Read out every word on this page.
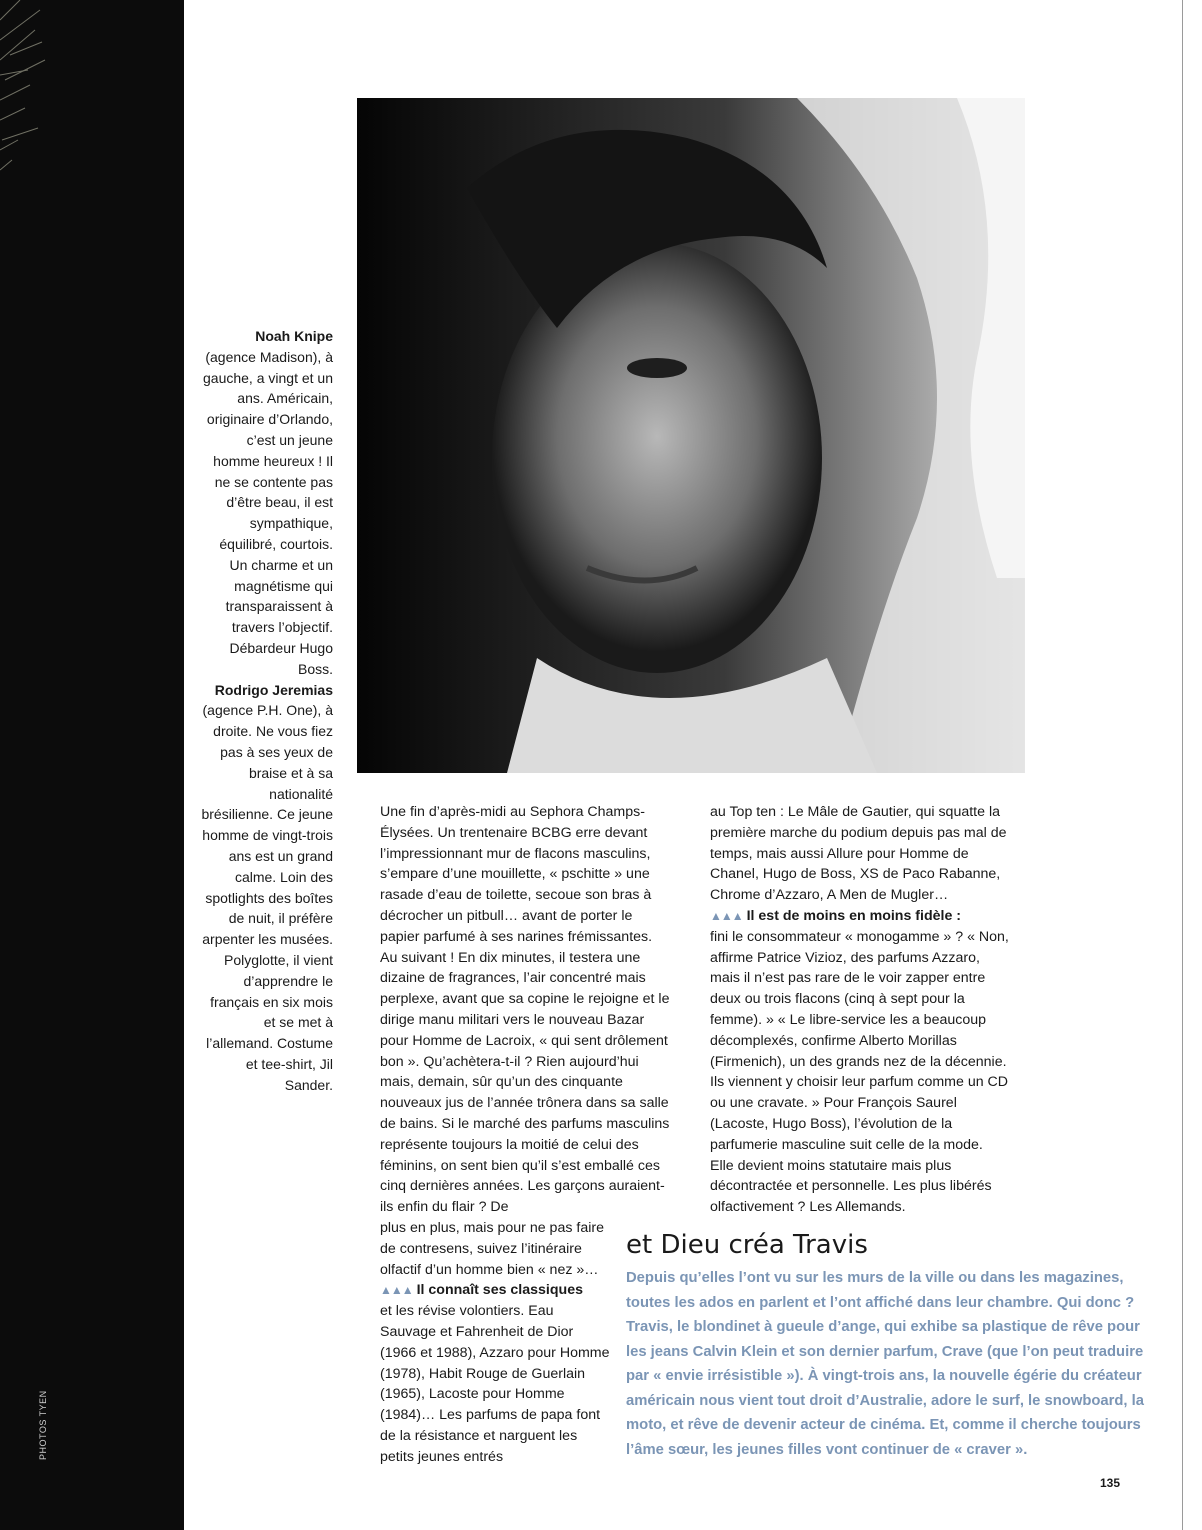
PHOTOS TYEN

Noah Knipe
(agence Madison), à gauche, a vingt et un ans. Américain, originaire d’Orlando, c’est un jeune homme heureux ! Il ne se contente pas d’être beau, il est sympathique, équilibré, courtois. Un charme et un magnétisme qui transparaissent à travers l’objectif. Débardeur Hugo Boss.
Rodrigo Jeremias
(agence P.H. One), à droite. Ne vous fiez pas à ses yeux de braise et à sa nationalité brésilienne. Ce jeune homme de vingt-trois ans est un grand calme. Loin des spotlights des boîtes de nuit, il préfère arpenter les musées. Polyglotte, il vient d’apprendre le français en six mois et se met à l’allemand. Costume et tee-shirt, Jil Sander.

Une fin d’après-midi au Sephora Champs-Élysées. Un trentenaire BCBG erre devant l’impressionnant mur de flacons masculins, s’empare d’une mouillette, « pschitte » une rasade d’eau de toilette, secoue son bras à décrocher un pitbull… avant de porter le papier parfumé à ses narines frémissantes. Au suivant ! En dix minutes, il testera une dizaine de fragrances, l’air concentré mais perplexe, avant que sa copine le rejoigne et le dirige manu militari vers le nouveau Bazar pour Homme de Lacroix, « qui sent drôlement bon ». Qu’achètera-t-il ? Rien aujourd’hui mais, demain, sûr qu’un des cinquante nouveaux jus de l’année trônera dans sa salle de bains. Si le marché des parfums masculins représente toujours la moitié de celui des féminins, on sent bien qu’il s’est emballé ces cinq dernières années. Les garçons auraient-ils enfin du flair ? De

plus en plus, mais pour ne pas faire de contresens, suivez l’itinéraire olfactif d’un homme bien « nez »…
▲▲▲ Il connaît ses classiques
et les révise volontiers. Eau Sauvage et Fahrenheit de Dior (1966 et 1988), Azzaro pour Homme (1978), Habit Rouge de Guerlain (1965), Lacoste pour Homme (1984)… Les parfums de papa font de la résistance et narguent les petits jeunes entrés

au Top ten : Le Mâle de Gautier, qui squatte la première marche du podium depuis pas mal de temps, mais aussi Allure pour Homme de Chanel, Hugo de Boss, XS de Paco Rabanne, Chrome d’Azzaro, A Men de Mugler…
▲▲▲ Il est de moins en moins fidèle :
fini le consommateur « monogamme » ? « Non, affirme Patrice Vizioz, des parfums Azzaro, mais il n’est pas rare de le voir zapper entre deux ou trois flacons (cinq à sept pour la femme). » « Le libre-service les a beaucoup décomplexés, confirme Alberto Morillas (Firmenich), un des grands nez de la décennie. Ils viennent y choisir leur parfum comme un CD ou une cravate. » Pour François Saurel (Lacoste, Hugo Boss), l’évolution de la parfumerie masculine suit celle de la mode. Elle devient moins statutaire mais plus décontractée et personnelle. Les plus libérés olfactivement ? Les Allemands.

et Dieu créa Travis

Depuis qu’elles l’ont vu sur les murs de la ville ou dans les magazines, toutes les ados en parlent et l’ont affiché dans leur chambre. Qui donc ? Travis, le blondinet à gueule d’ange, qui exhibe sa plastique de rêve pour les jeans Calvin Klein et son dernier parfum, Crave (que l’on peut traduire par « envie irrésistible »). À vingt-trois ans, la nouvelle égérie du créateur américain nous vient tout droit d’Australie, adore le surf, le snowboard, la moto, et rêve de devenir acteur de cinéma. Et, comme il cherche toujours l’âme sœur, les jeunes filles vont continuer de « craver ».

135
